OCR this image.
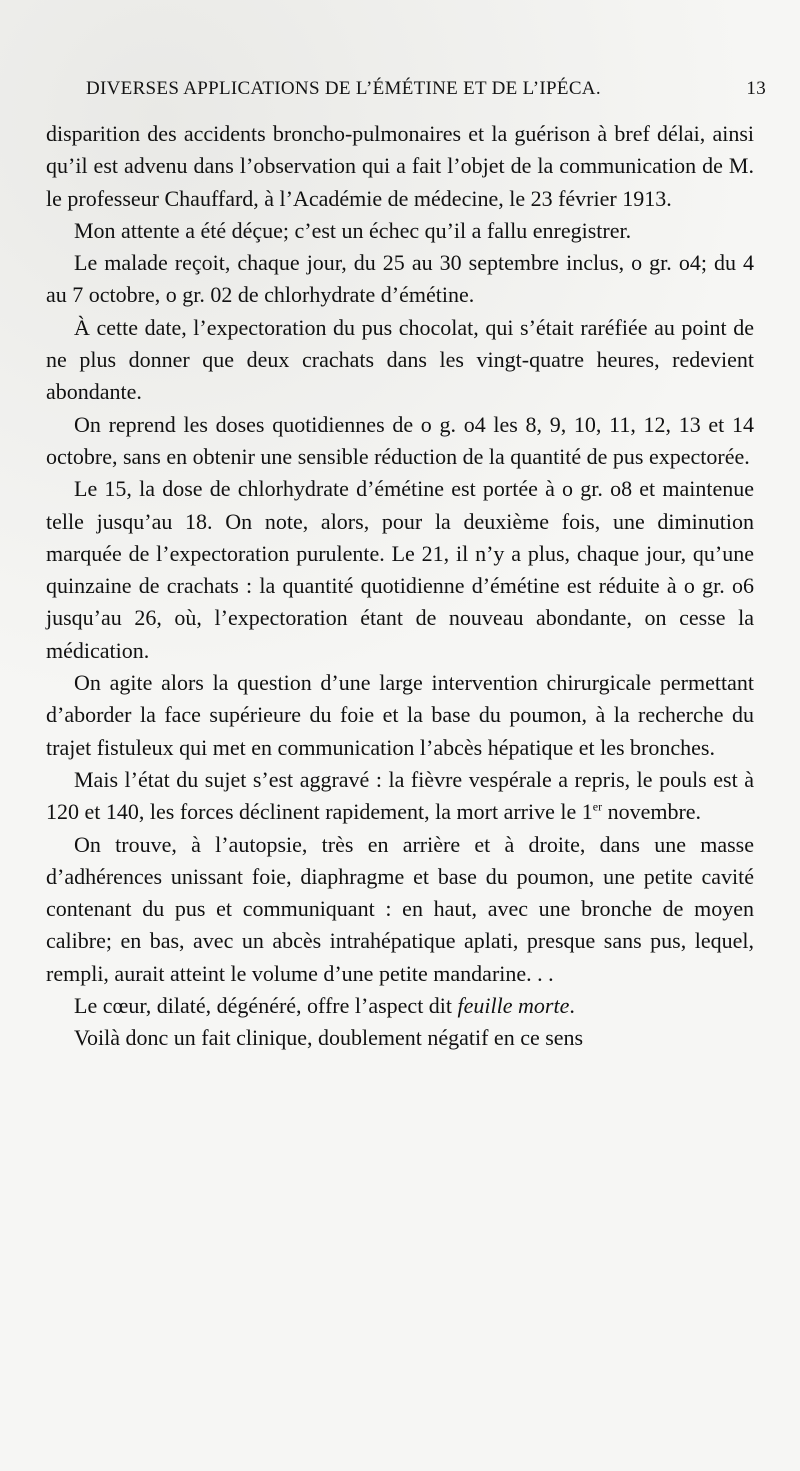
DIVERSES APPLICATIONS DE L’ÉMÉTINE ET DE L’IPÉCA.	13

disparition des accidents broncho-pulmonaires et la guérison à bref délai, ainsi qu’il est advenu dans l’observation qui a fait l’objet de la communication de M. le professeur Chauffard, à l’Académie de médecine, le 23 février 1913.

Mon attente a été déçue; c’est un échec qu’il a fallu enregistrer.

Le malade reçoit, chaque jour, du 25 au 30 septembre inclus, o gr. o4; du 4 au 7 octobre, o gr. 02 de chlorhydrate d’émétine.

À cette date, l’expectoration du pus chocolat, qui s’était raréfiée au point de ne plus donner que deux crachats dans les vingt-quatre heures, redevient abondante.

On reprend les doses quotidiennes de o g. o4 les 8, 9, 10, 11, 12, 13 et 14 octobre, sans en obtenir une sensible réduction de la quantité de pus expectorée.

Le 15, la dose de chlorhydrate d’émétine est portée à o gr. o8 et maintenue telle jusqu’au 18. On note, alors, pour la deuxième fois, une diminution marquée de l’expectoration purulente. Le 21, il n’y a plus, chaque jour, qu’une quinzaine de crachats : la quantité quotidienne d’émétine est réduite à o gr. o6 jusqu’au 26, où, l’expectoration étant de nouveau abondante, on cesse la médication.

On agite alors la question d’une large intervention chirurgicale permettant d’aborder la face supérieure du foie et la base du poumon, à la recherche du trajet fistuleux qui met en communication l’abcès hépatique et les bronches.

Mais l’état du sujet s’est aggravé : la fièvre vespérale a repris, le pouls est à 120 et 140, les forces déclinent rapidement, la mort arrive le 1er novembre.

On trouve, à l’autopsie, très en arrière et à droite, dans une masse d’adhérences unissant foie, diaphragme et base du poumon, une petite cavité contenant du pus et communiquant : en haut, avec une bronche de moyen calibre; en bas, avec un abcès intrahépatique aplati, presque sans pus, lequel, rempli, aurait atteint le volume d’une petite mandarine. . .

Le cœur, dilaté, dégénéré, offre l’aspect dit feuille morte.

Voilà donc un fait clinique, doublement négatif en ce sens
